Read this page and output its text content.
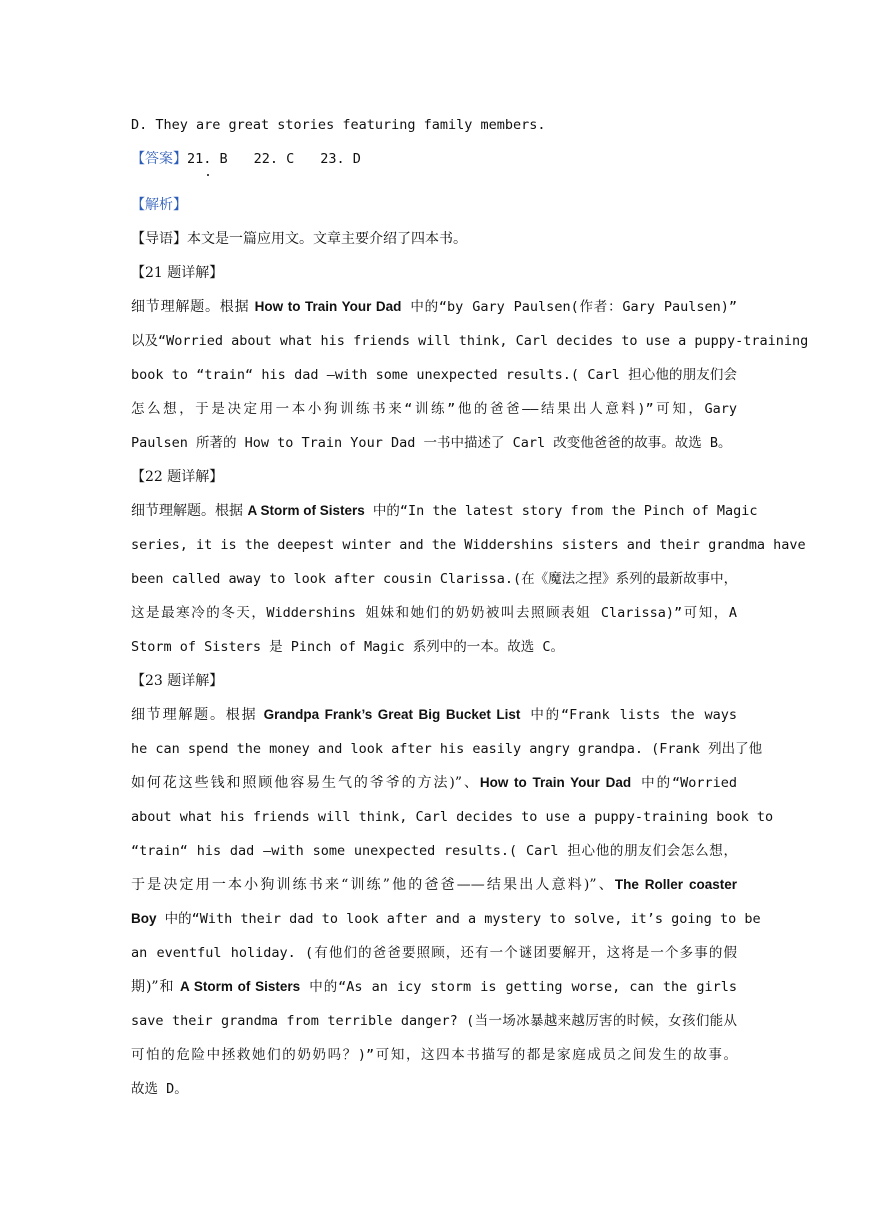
D. They are great stories featuring family members.
【答案】21. B 22. C 23. D
【解析】
【导语】本文是一篇应用文。文章主要介绍了四本书。
【21 题详解】
细节理解题。根据 How to Train Your Dad 中的“by Gary Paulsen(作者：Gary Paulsen)”
以及“Worried about what his friends will think, Carl decides to use a puppy-training
book to “train“ his dad —with some unexpected results.( Carl 担心他的朋友们会
怎么想，于是决定用一本小狗训练书来“训练”他的爸爸——结果出人意料)”可知，Gary
Paulsen 所著的 How to Train Your Dad 一书中描述了 Carl 改变他爸爸的故事。故选 B。
【22 题详解】
细节理解题。根据 A Storm of Sisters 中的“In the latest story from the Pinch of Magic
series, it is the deepest winter and the Widdershins sisters and their grandma have
been called away to look after cousin Clarissa.(在《魔法之捏》系列的最新故事中，
这是最寒冷的冬天，Widdershins 姐妹和她们的奶奶被叫去照顾表姐 Clarissa)”可知，A
Storm of Sisters 是 Pinch of Magic 系列中的一本。故选 C。
【23 题详解】
细节理解题。根据 Grandpa Frank’s Great Big Bucket List 中的“Frank lists the ways
he can spend the money and look after his easily angry grandpa. (Frank 列出了他
如何花这些钱和照顾他容易生气的爷爷的方法)”、How to Train Your Dad 中的“Worried
about what his friends will think, Carl decides to use a puppy-training book to
“train“ his dad —with some unexpected results.( Carl 担心他的朋友们会怎么想，
于是决定用一本小狗训练书来“训练”他的爸爸——结果出人意料)”、The Roller coaster
Boy 中的“With their dad to look after and a mystery to solve, it’s going to be
an eventful holiday. (有他们的爸爸要照顾，还有一个谜团要解开，这将是一个多事的假
期)”和 A Storm of Sisters 中的“As an icy storm is getting worse, can the girls
save their grandma from terrible danger? (当一场冰暴越来越厉害的时候，女孩们能从
可怕的危险中拯救她们的奶奶吗？)”可知，这四本书描写的都是家庭成员之间发生的故事。
故选 D。
